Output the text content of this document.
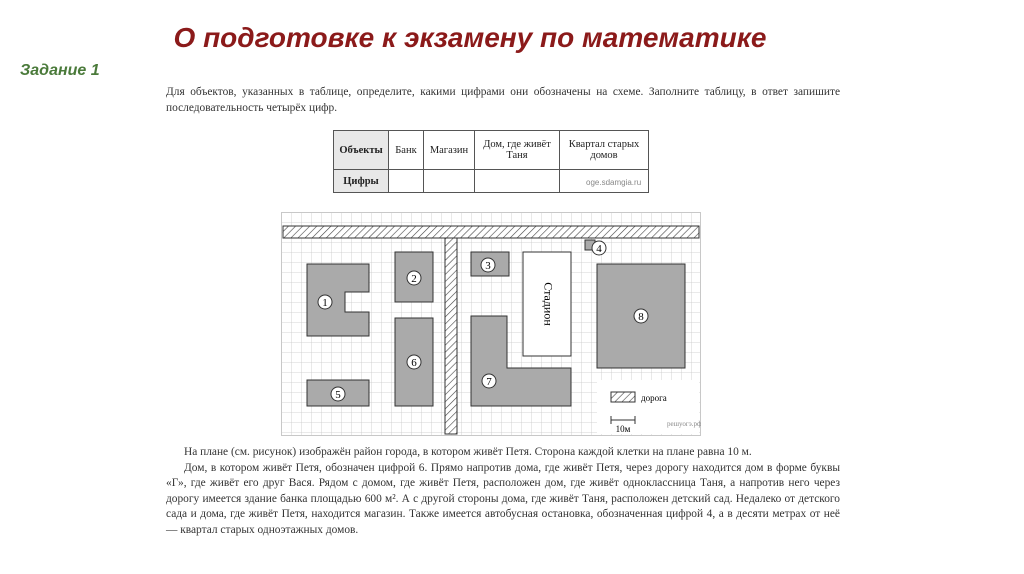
О подготовке к экзамену по математике
Задание 1

Для объектов, указанных в таблице, определите, какими цифрами они обозначены на схеме. Заполните таблицу, в ответ запишите последовательность четырёх цифр.

Объекты	Банк	Магазин	Дом, где живёт Таня	Квартал старых домов
Цифры					oge.sdamgia.ru
1
2
3
4
5
6
7
8
Стадион
дорога
10м	решуогэ.рф
На плане (см. рисунок) изображён район города, в котором живёт Петя. Сторона каждой клетки на плане равна 10 м.
Дом, в котором живёт Петя, обозначен цифрой 6. Прямо напротив дома, где живёт Петя, через дорогу находится дом в форме буквы «Г», где живёт его друг Вася. Рядом с домом, где живёт Петя, расположен дом, где живёт одноклассница Таня, а напротив него через дорогу имеется здание банка площадью 600 м². А с другой стороны дома, где живёт Таня, расположен детский сад. Недалеко от детского сада и дома, где живёт Петя, находится магазин. Также имеется автобусная остановка, обозначенная цифрой 4, а в десяти метрах от неё — квартал старых одноэтажных домов.
